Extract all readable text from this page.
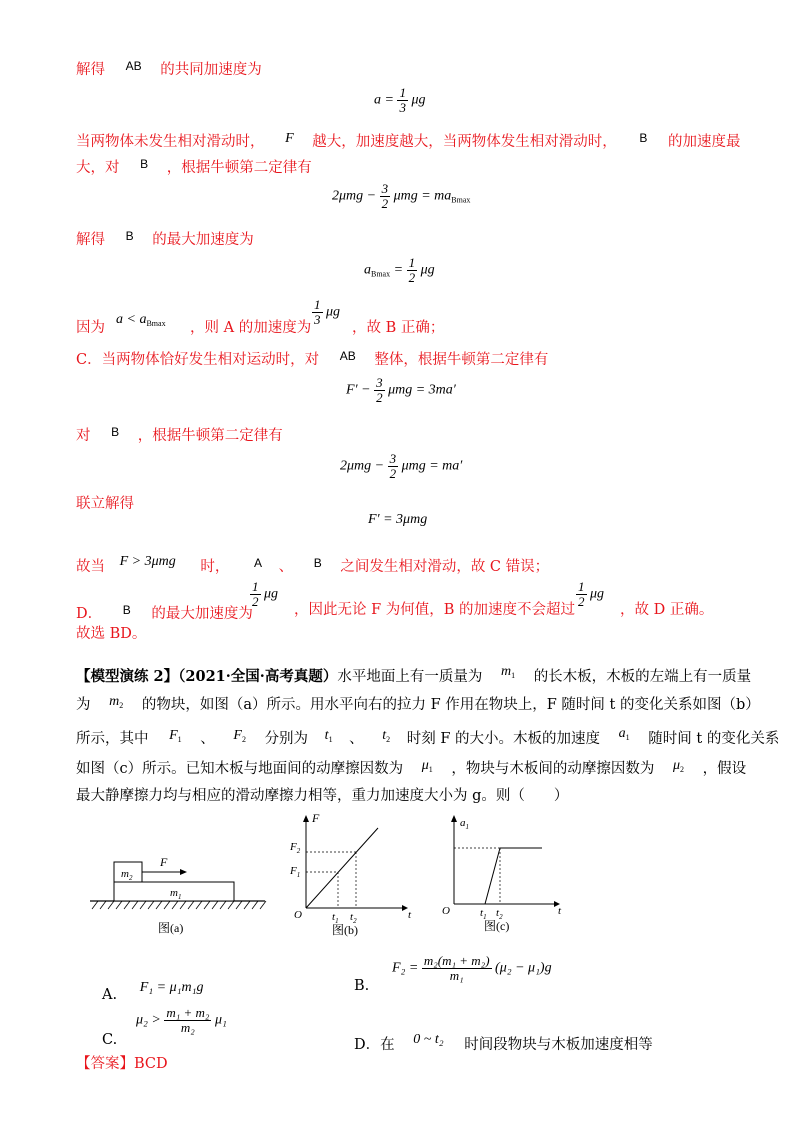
解得 $^{AB}$ 的共同加速度为
$a = \frac{1}{3}$ μg
当两物体未发生相对滑动时， F 越大，加速度越大，当两物体发生相对滑动时， $^B$ 的加速度最
大，对 $^B$ ，根据牛顿第二定律有
$2\mu mg - \frac{3}{2}$ $\mu mg = ma_{Bmax}$
解得 $^B$ 的最大加速度为
$a_{Bmax} = \frac{1}{2}$ μg
因为
$a < a_{Bmax}$ ，则 A 的加速度为
$\frac{1}{3}$ μg
，故 B 正确；
C．当两物体恰好发生相对运动时，对 $^{AB}$ 整体，根据牛顿第二定律有
$F' - \frac{3}{2}$ μmg = 3ma′
对 $^B$ ，根据牛顿第二定律有
$2\mu mg - \frac{3}{2}$ μmg = ma′
联立解得
F′ = 3μmg
故当 F > 3μmg 时， $^A$ 、 $^B$ 之间发生相对滑动，故 C 错误；
D． $^B$ 的最大加速度为
$\frac{1}{2}$ μg
，因此无论 F 为何值，B 的加速度不会超过
$\frac{1}{2}$ μg
，故 D 正确。
故选 BD。
【模型演练 2】（2021·全国·高考真题）水平地面上有一质量为 $m_1$ 的长木板，木板的左端上有一质量
为 $m_2$ 的物块，如图（a）所示。用水平向右的拉力 F 作用在物块上，F 随时间 t 的变化关系如图（b）
所示，其中 $F_1$ 、 $F_2$ 分别为 $t_1$ 、 $t_2$ 时刻 F 的大小。木板的加速度 $a_1$ 随时间 t 的变化关系
如图（c）所示。已知木板与地面间的动摩擦因数为 $\mu_1$ ，物块与木板间的动摩擦因数为 $\mu_2$ ，假设
最大静摩擦力均与相应的滑动摩擦力相等，重力加速度大小为 g。则（　　）
$m_2$
F
$m_1$
图(a)
F
$F_2$
$F_1$
O	$t_1$ $t_2$	t
图(b)
$a_1$
O	$t_1$ $t_2$	t
图(c)
A. F₁ = μ₁m₁g	B.
$F_2 = \frac{\text{m₂(m₁ + m₂)}}{\text{m₁}} (\mu_2 - \mu_1)g$
C.
$\mu_2 > \frac{\text{m₁ + m₂}}{\text{m₂}} \mu_1$
D．在 0 ~ t₂ 时间段物块与木板加速度相等
【答案】BCD
